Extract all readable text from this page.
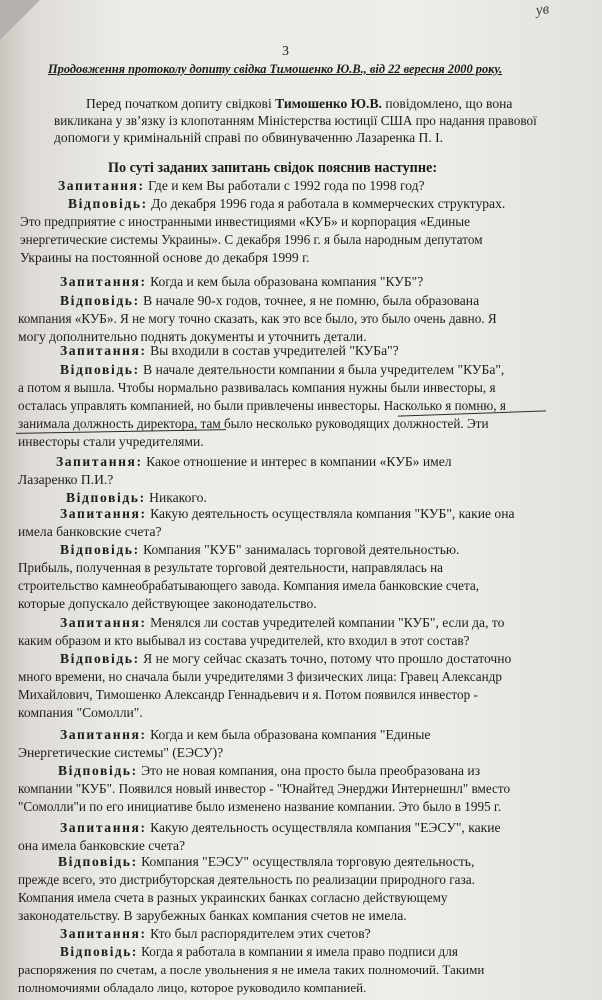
ув
3
Продовження протоколу допиту свідка Тимошенко Ю.В., від 22 вересня 2000 року.
Перед початком допиту свідкові Тимошенко Ю.В. повідомлено, що вона
викликана у зв’язку із клопотанням Міністерства юстиції США про надання правової
допомоги у кримінальній справі по обвинуваченню Лазаренка П. І.
По суті заданих запитань свідок пояснив наступне:
Запитання: Где и кем Вы работали с 1992 года по 1998 год?
Відповідь: До декабря 1996 года я работала в коммерческих структурах.
Это предприятие с иностранными инвестициями «КУБ» и корпорация «Единые
энергетические системы Украины». С декабря 1996 г. я была народным депутатом
Украины на постоянной основе до декабря 1999 г.
Запитання: Когда и кем была образована компания "КУБ"?
Відповідь: В начале 90-х годов, точнее, я не помню, была образована
компания «КУБ». Я не могу точно сказать, как это все было, это было очень давно. Я
могу дополнительно поднять документы и уточнить детали.
Запитання: Вы входили в состав учредителей "КУБа"?
Відповідь: В начале деятельности компании я была учредителем "КУБа",
а потом я вышла. Чтобы нормально развивалась компания нужны были инвесторы, я
осталась управлять компанией, но были привлечены инвесторы. Насколько я помню, я
занимала должность директора, там было несколько руководящих должностей. Эти
инвесторы стали учредителями.
Запитання: Какое отношение и интерес в компании «КУБ» имел
Лазаренко П.И.?
Відповідь: Никакого.
Запитання: Какую деятельность осуществляла компания "КУБ", какие она
имела банковские счета?
Відповідь: Компания "КУБ" занималась торговой деятельностью.
Прибыль, полученная в результате торговой деятельности, направлялась на
строительство камнеобрабатывающего завода. Компания имела банковские счета,
которые допускало действующее законодательство.
Запитання: Менялся ли состав учредителей компании "КУБ", если да, то
каким образом и кто выбывал из состава учредителей, кто входил в этот состав?
Відповідь: Я не могу сейчас сказать точно, потому что прошло достаточно
много времени, но сначала были учредителями 3 физических лица: Гравец Александр
Михайлович, Тимошенко Александр Геннадьевич и я. Потом появился инвестор -
компания "Сомолли".
Запитання: Когда и кем была образована компания "Единые
Энергетические системы" (ЕЭСУ)?
Відповідь: Это не новая компания, она просто была преобразована из
компании "КУБ". Появился новый инвестор - "Юнайтед Энерджи Интернешнл" вместо
"Сомолли"и по его инициативе было изменено название компании. Это было в 1995 г.
Запитання: Какую деятельность осуществляла компания "ЕЭСУ", какие
она имела банковские счета?
Відповідь: Компания "ЕЭСУ" осуществляла торговую деятельность,
прежде всего, это дистрибуторская деятельность по реализации природного газа.
Компания имела счета в разных украинских банках согласно действующему
законодательству. В зарубежных банках компания счетов не имела.
Запитання: Кто был распорядителем этих счетов?
Відповідь: Когда я работала в компании я имела право подписи для
распоряжения по счетам, а после увольнения я не имела таких полномочий. Такими
полномочиями обладало лицо, которое руководило компанией.
